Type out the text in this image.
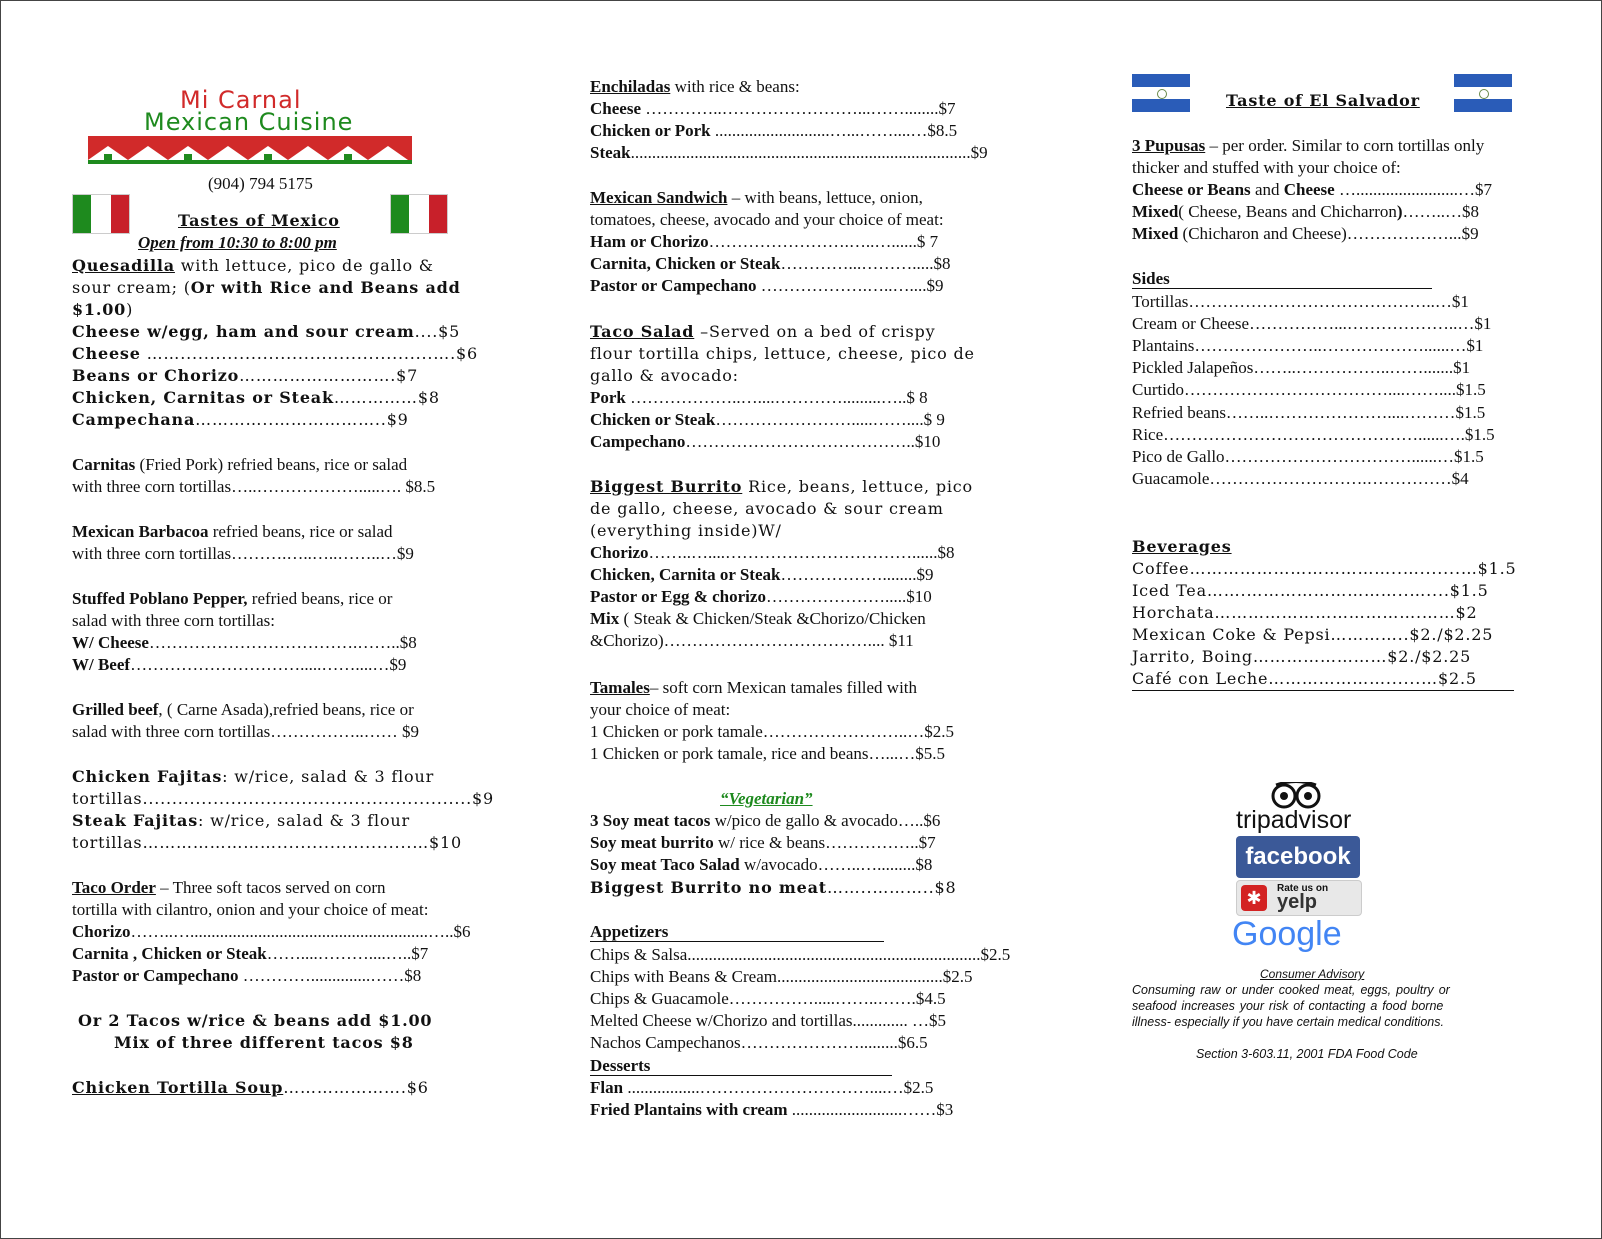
Mi Carnal
Mexican Cuisine
(904) 794 5175
Tastes of Mexico
Open from 10:30 to 8:00 pm
Quesadilla with lettuce, pico de gallo &
sour cream; (Or with Rice and Beans add
$1.00)
Cheese w/egg, ham and sour cream....$5
Cheese ……...........................................….$6
Beans or Chorizo……………………….$7
Chicken, Carnitas or Steak……………$8
Campechana…………..………………..$9
Carnitas (Fried Pork) refried beans, rice or salad
with three corn tortillas…..……………….....…. $8.5
Mexican Barbacoa refried beans, rice or salad
with three corn tortillas……….…..…..……..…$9
Stuffed Poblano Pepper, refried beans, rice or
salad with three corn tortillas:
W/ Cheese……………………………….……..$8
W/ Beef………………………….....……....…$9
Grilled beef, ( Carne Asada),refried beans, rice or
salad with three corn tortillas……………..…… $9
Chicken Fajitas: w/rice, salad & 3 flour
tortillas........................................................$9
Steak Fajitas: w/rice, salad & 3 flour
tortillas…………………….......................…$10
Taco Order – Three soft tacos served on corn
tortilla with cilantro, onion and your choice of meat:
Chorizo……..…........................................................…..$6
Carnita , Chicken or Steak……....………....…..$7
Pastor or Campechano …………..............……$8
Or 2 Tacos w/rice & beans add $1.00
Mix of three different tacos $8
Chicken Tortilla Soup………………….$6
Enchiladas with rice & beans:
Cheese …………..……………………...……........$7
Chicken or Pork ...........................…...……....…$8.5
Steak................................................................................$9
Mexican Sandwich – with beans, lettuce, onion,
tomatoes, cheese, avocado and your choice of meat:
Ham or Chorizo…………………….…..…......$ 7
Carnita, Chicken or Steak…………...……….....$8
Pastor or Campechano ……………….…..…....$9
Taco Salad –Served on a bed of crispy
flour tortilla chips, lettuce, cheese, pico de
gallo & avocado:
Pork ………………..…....………….........…..$ 8
Chicken or Steak…………………….....……....$ 9
Campechano…………………………………..$10
Biggest Burrito Rice, beans, lettuce, pico
de gallo, cheese, avocado & sour cream
(everything inside)W/
Chorizo……..…....……………………………......$8
Chicken, Carnita or Steak………………........$9
Pastor or Egg & chorizo………………….....$10
Mix ( Steak & Chicken/Steak &Chorizo/Chicken
&Chorizo)……………………………….... $11
Tamales– soft corn Mexican tamales filled with
your choice of meat:
1 Chicken or pork tamale……………………..…$2.5
1 Chicken or pork tamale, rice and beans…...…$5.5
“Vegetarian”
3 Soy meat tacos w/pico de gallo & avocado…..$6
Soy meat burrito w/ rice & beans……………..$7
Soy meat Taco Salad w/avocado……..….........$8
Biggest Burrito no meat……..………..$8
Appetizers
Chips & Salsa.....................................................................$2.5
Chips with Beans & Cream.......................................$2.5
Chips & Guacamole…………….....……..…….$4.5
Melted Cheese w/Chorizo and tortillas............. …$5
Nachos Campechanos………………….........$6.5
Desserts
Flan .................…………………………....…$2.5
Fried Plantains with cream ..........................……$3
Taste of El Salvador
3 Pupusas – per order. Similar to corn tortillas only
thicker and stuffed with your choice of:
Cheese or Beans and Cheese …........................…$7
Mixed( Cheese, Beans and Chicharron)……..…$8
Mixed (Chicharon and Cheese)………………...$9
Sides
Tortillas……………………………………..…$1
Cream or Cheese……………...………………..…$1
Plantains…………………..………………......…$1
Pickled Jalapeños……..……………..…….......$1
Curtido………………………………....……....$1.5
Refried beans……..…………………....………$1.5
Rice………………………………………......….$1.5
Pico de Gallo……………………………......…$1.5
Guacamole……………………….……………$4
Beverages
Coffee………………………………..….......…$1.5
Iced Tea…….………………………..…....$1.5
Horchata……………………………….……$2
Mexican Coke & Pepsi…………..$2./$2.25
Jarrito, Boing……………………$2./$2.25
Café con Leche…………………......…$2.5
tripadvisor
facebook
✱	Rate us on
yelp
Google
Consumer Advisory
Consuming raw or under cooked meat, eggs, poultry or
seafood increases your risk of contacting a food borne
illness- especially if you have certain medical conditions.
Section 3-603.11, 2001 FDA Food Code
